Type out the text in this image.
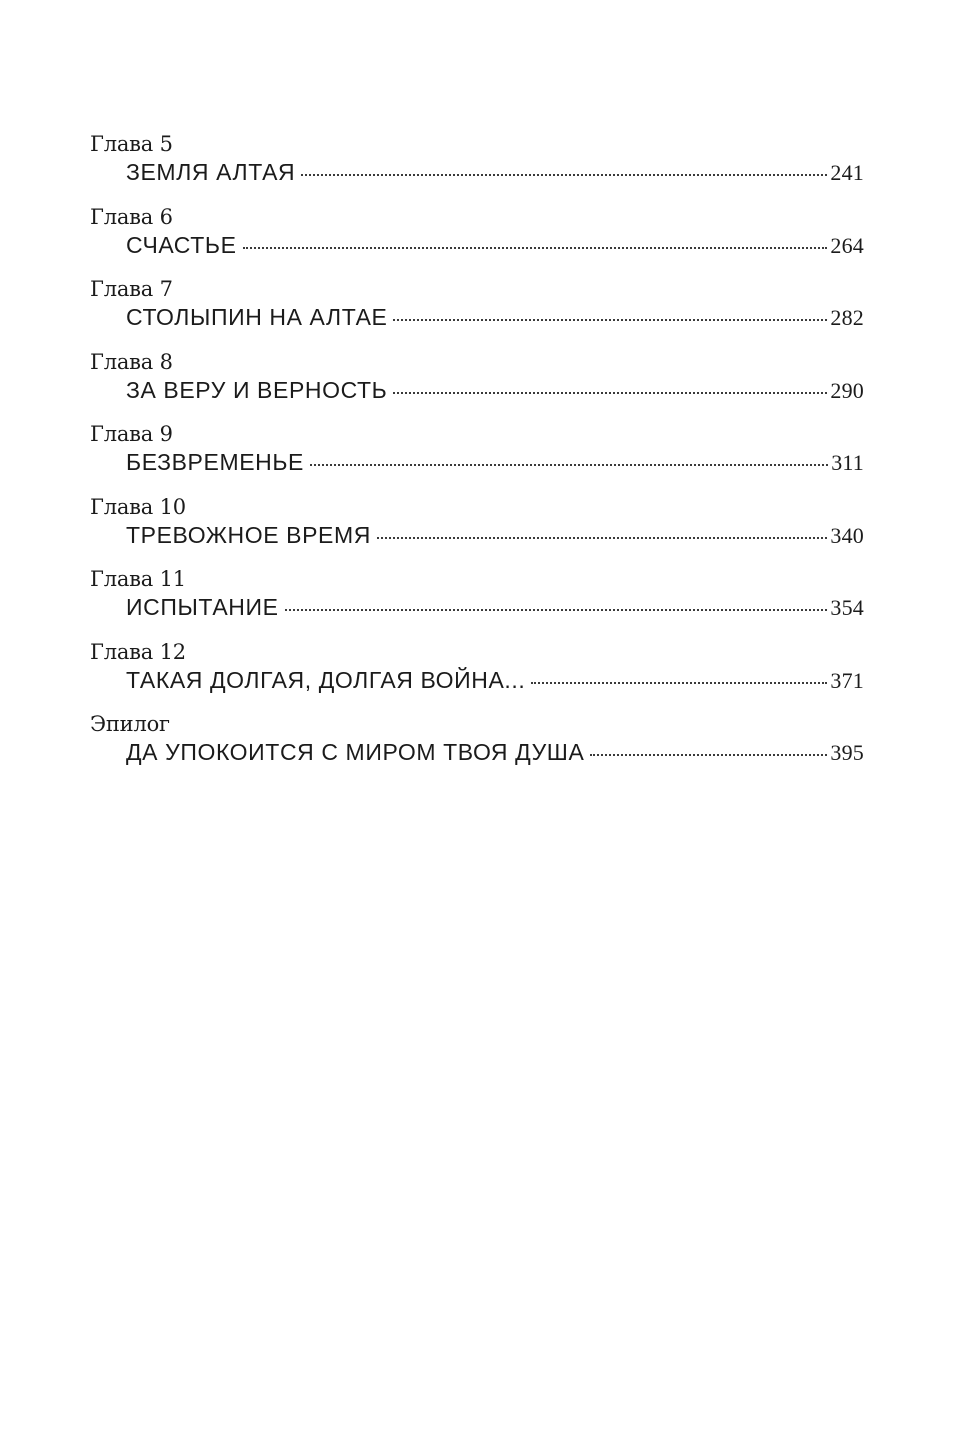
Глава 5
ЗЕМЛЯ АЛТАЯ	241
Глава 6
СЧАСТЬЕ	264
Глава 7
СТОЛЫПИН НА АЛТАЕ	282
Глава 8
ЗА ВЕРУ И ВЕРНОСТЬ	290
Глава 9
БЕЗВРЕМЕНЬЕ	311
Глава 10
ТРЕВОЖНОЕ ВРЕМЯ	340
Глава 11
ИСПЫТАНИЕ	354
Глава 12
ТАКАЯ ДОЛГАЯ, ДОЛГАЯ ВОЙНА...	371
Эпилог
ДА УПОКОИТСЯ С МИРОМ ТВОЯ ДУША	395
